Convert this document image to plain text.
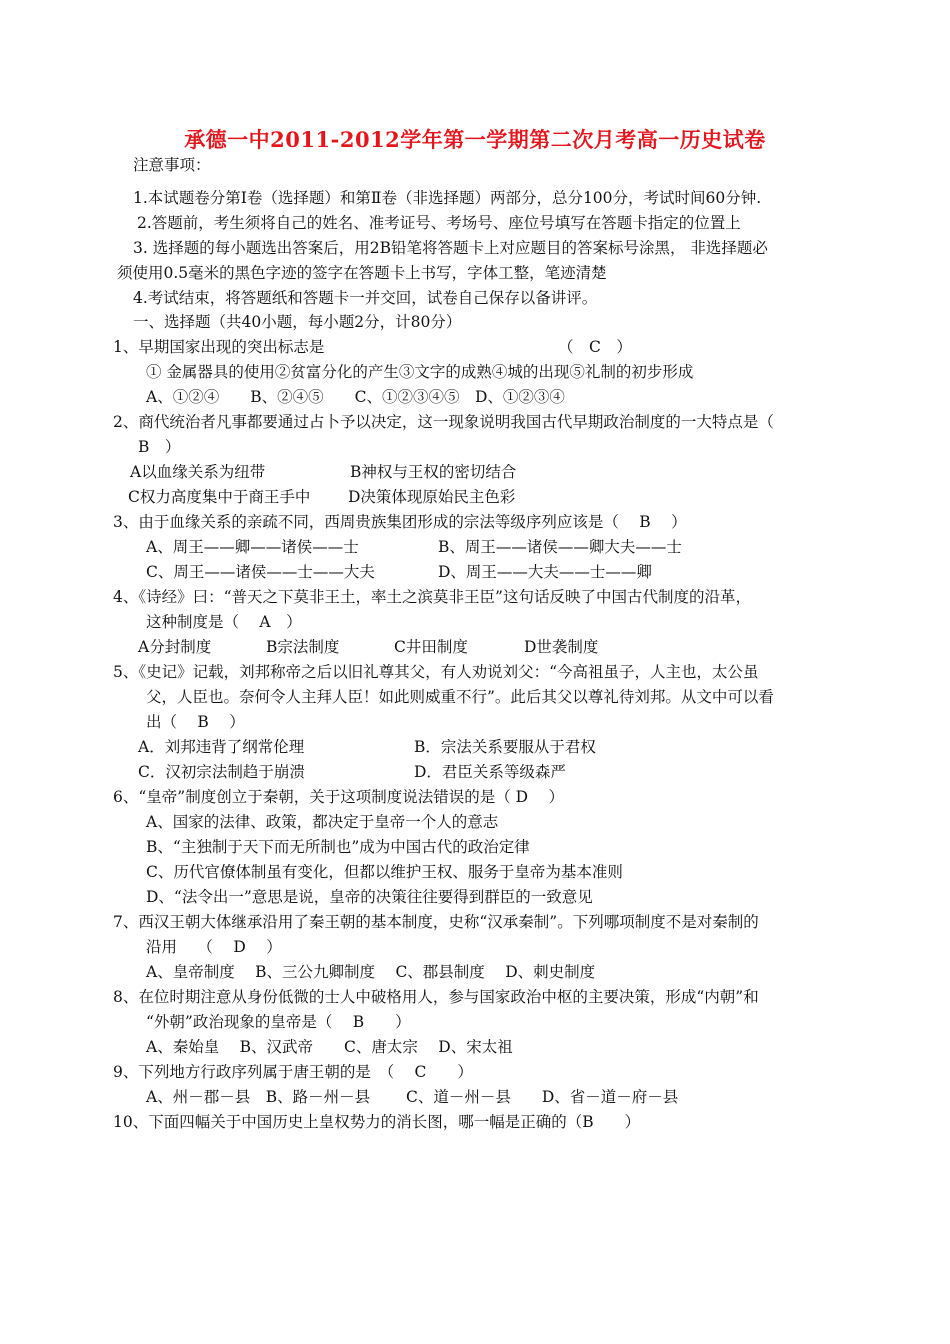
承德一中2011-2012学年第一学期第二次月考高一历史试卷
注意事项：
1.本试题卷分第Ⅰ卷（选择题）和第Ⅱ卷（非选择题）两部分，总分100分，考试时间60分钟.
2.答题前，考生须将自己的姓名、准考证号、考场号、座位号填写在答题卡指定的位置上
3. 选择题的每小题选出答案后，用2B铅笔将答题卡上对应题目的答案标号涂黑， 非选择题必
须使用0.5毫米的黑色字迹的签字在答题卡上书写，字体工整，笔迹清楚
4.考试结束，将答题纸和答题卡一并交回，试卷自己保存以备讲评。
一、选择题（共40小题，每小题2分，计80分）
1、早期国家出现的突出标志是	（　C　）
① 金属器具的使用②贫富分化的产生③文字的成熟④城的出现⑤礼制的初步形成
A、①②④　　B、②④⑤　　C、①②③④⑤　D、①②③④
2、商代统治者凡事都要通过占卜予以决定，这一现象说明我国古代早期政治制度的一大特点是（
B　）
A以血缘关系为纽带	B神权与王权的密切结合
C权力高度集中于商王手中 D决策体现原始民主色彩
3、由于血缘关系的亲疏不同，西周贵族集团形成的宗法等级序列应该是（　 B　 ）
A、周王——卿——诸侯——士	B、周王——诸侯——卿大夫——士
C、周王——诸侯——士——大夫	D、周王——大夫——士——卿
4、《诗经》曰：“普天之下莫非王土，率土之滨莫非王臣”这句话反映了中国古代制度的沿革，
这种制度是（　 A　）
A分封制度	B宗法制度	C井田制度	D世袭制度
5、《史记》记载，刘邦称帝之后以旧礼尊其父，有人劝说刘父：“今高祖虽子，人主也，太公虽
父，人臣也。奈何令人主拜人臣！如此则威重不行”。此后其父以尊礼待刘邦。从文中可以看
出（　 B　 ）
A．刘邦违背了纲常伦理	B．宗法关系要服从于君权
C．汉初宗法制趋于崩溃	D．君臣关系等级森严
6、“皇帝”制度创立于秦朝，关于这项制度说法错误的是（ D　 ）
A、国家的法律、政策，都决定于皇帝一个人的意志
B、“主独制于天下而无所制也”成为中国古代的政治定律
C、历代官僚体制虽有变化，但都以维护王权、服务于皇帝为基本准则
D、“法令出一”意思是说，皇帝的决策往往要得到群臣的一致意见
7、西汉王朝大体继承沿用了秦王朝的基本制度，史称“汉承秦制”。下列哪项制度不是对秦制的
沿用　 （　 D　 ）
A、皇帝制度　 B、三公九卿制度　 C、郡县制度　 D、刺史制度
8、在位时期注意从身份低微的士人中破格用人，参与国家政治中枢的主要决策，形成“内朝”和
“外朝”政治现象的皇帝是（　 B　　）
A、秦始皇　 B、汉武帝　　C、唐太宗　 D、宋太祖
9、下列地方行政序列属于唐王朝的是　（　 C　　）
A、州－郡－县　B、路－州－县　　 C、道－州－县　　D、省－道－府－县
10、下面四幅关于中国历史上皇权势力的消长图，哪一幅是正确的（B　　）
